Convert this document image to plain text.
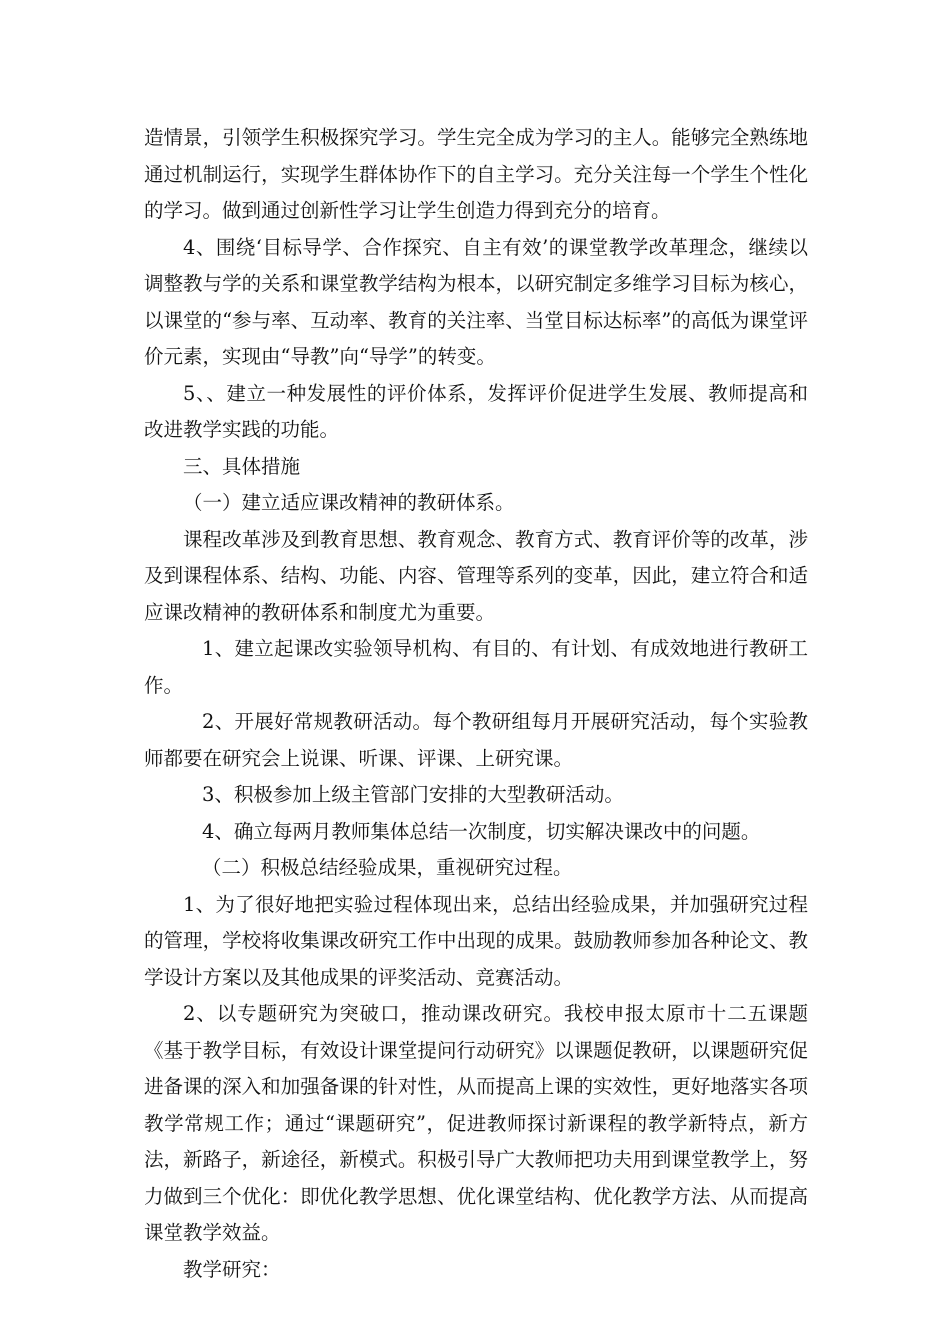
造情景，引领学生积极探究学习。学生完全成为学习的主人。能够完全熟练地通过机制运行，实现学生群体协作下的自主学习。充分关注每一个学生个性化的学习。做到通过创新性学习让学生创造力得到充分的培育。

4、围绕‘目标导学、合作探究、自主有效’的课堂教学改革理念，继续以调整教与学的关系和课堂教学结构为根本，以研究制定多维学习目标为核心，以课堂的“参与率、互动率、教育的关注率、当堂目标达标率”的高低为课堂评价元素，实现由“导教”向“导学”的转变。

5、、建立一种发展性的评价体系，发挥评价促进学生发展、教师提高和改进教学实践的功能。

三、具体措施

（一）建立适应课改精神的教研体系。

课程改革涉及到教育思想、教育观念、教育方式、教育评价等的改革，涉及到课程体系、结构、功能、内容、管理等系列的变革，因此，建立符合和适应课改精神的教研体系和制度尤为重要。

1、建立起课改实验领导机构、有目的、有计划、有成效地进行教研工作。

2、开展好常规教研活动。每个教研组每月开展研究活动，每个实验教师都要在研究会上说课、听课、评课、上研究课。

3、积极参加上级主管部门安排的大型教研活动。

4、确立每两月教师集体总结一次制度，切实解决课改中的问题。

（二）积极总结经验成果，重视研究过程。

1、为了很好地把实验过程体现出来，总结出经验成果，并加强研究过程的管理，学校将收集课改研究工作中出现的成果。鼓励教师参加各种论文、教学设计方案以及其他成果的评奖活动、竞赛活动。

2、以专题研究为突破口，推动课改研究。我校申报太原市十二五课题《基于教学目标，有效设计课堂提问行动研究》以课题促教研，以课题研究促进备课的深入和加强备课的针对性，从而提高上课的实效性，更好地落实各项教学常规工作；通过“课题研究”，促进教师探讨新课程的教学新特点，新方法，新路子，新途径，新模式。积极引导广大教师把功夫用到课堂教学上，努力做到三个优化：即优化教学思想、优化课堂结构、优化教学方法、从而提高课堂教学效益。

教学研究：
